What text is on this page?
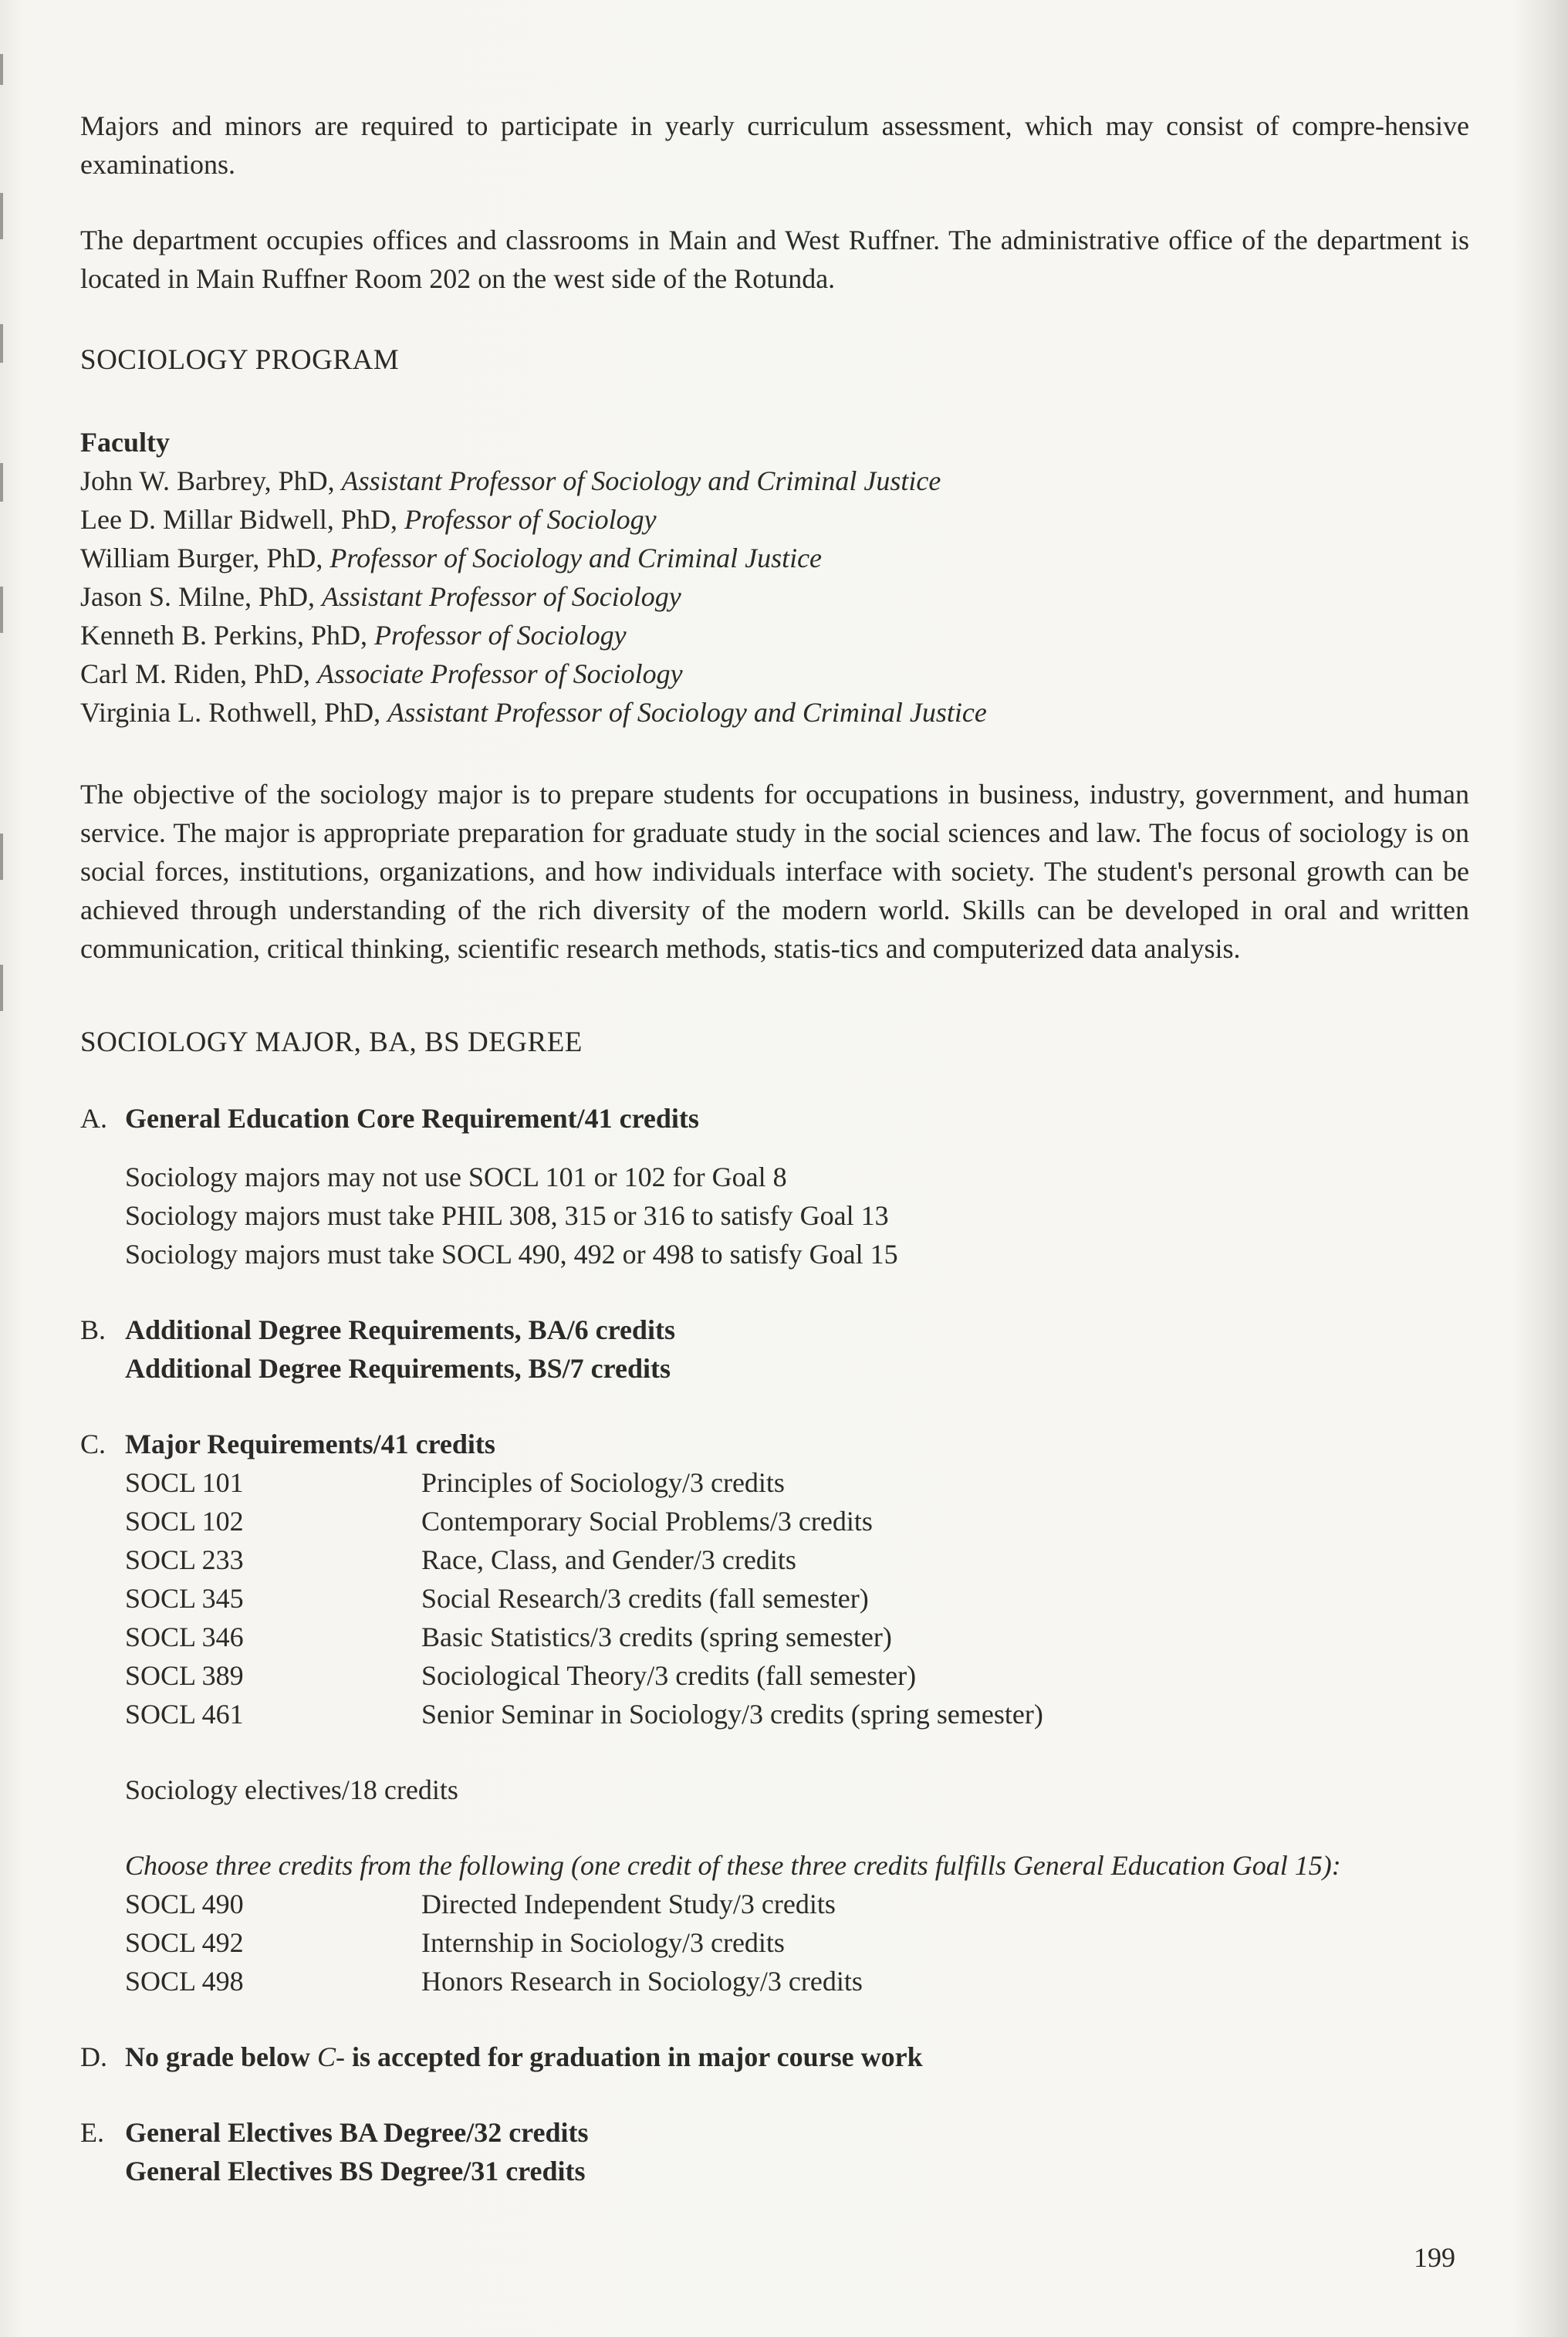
Majors and minors are required to participate in yearly curriculum assessment, which may consist of compre-hensive examinations.

The department occupies offices and classrooms in Main and West Ruffner. The administrative office of the department is located in Main Ruffner Room 202 on the west side of the Rotunda.

SOCIOLOGY PROGRAM

Faculty

John W. Barbrey, PhD, Assistant Professor of Sociology and Criminal Justice
Lee D. Millar Bidwell, PhD, Professor of Sociology
William Burger, PhD, Professor of Sociology and Criminal Justice
Jason S. Milne, PhD, Assistant Professor of Sociology
Kenneth B. Perkins, PhD, Professor of Sociology
Carl M. Riden, PhD, Associate Professor of Sociology
Virginia L. Rothwell, PhD, Assistant Professor of Sociology and Criminal Justice

The objective of the sociology major is to prepare students for occupations in business, industry, government, and human service. The major is appropriate preparation for graduate study in the social sciences and law. The focus of sociology is on social forces, institutions, organizations, and how individuals interface with society. The student's personal growth can be achieved through understanding of the rich diversity of the modern world. Skills can be developed in oral and written communication, critical thinking, scientific research methods, statis-tics and computerized data analysis.

SOCIOLOGY MAJOR, BA, BS DEGREE

A. General Education Core Requirement/41 credits
Sociology majors may not use SOCL 101 or 102 for Goal 8
Sociology majors must take PHIL 308, 315 or 316 to satisfy Goal 13
Sociology majors must take SOCL 490, 492 or 498 to satisfy Goal 15
B. Additional Degree Requirements, BA/6 credits
Additional Degree Requirements, BS/7 credits
C. Major Requirements/41 credits
SOCL 101	Principles of Sociology/3 credits
SOCL 102	Contemporary Social Problems/3 credits
SOCL 233	Race, Class, and Gender/3 credits
SOCL 345	Social Research/3 credits (fall semester)
SOCL 346	Basic Statistics/3 credits (spring semester)
SOCL 389	Sociological Theory/3 credits (fall semester)
SOCL 461	Senior Seminar in Sociology/3 credits (spring semester)
Sociology electives/18 credits
Choose three credits from the following (one credit of these three credits fulfills General Education Goal 15):
SOCL 490	Directed Independent Study/3 credits
SOCL 492	Internship in Sociology/3 credits
SOCL 498	Honors Research in Sociology/3 credits
D. No grade below C- is accepted for graduation in major course work
E. General Electives BA Degree/32 credits
General Electives BS Degree/31 credits
199
